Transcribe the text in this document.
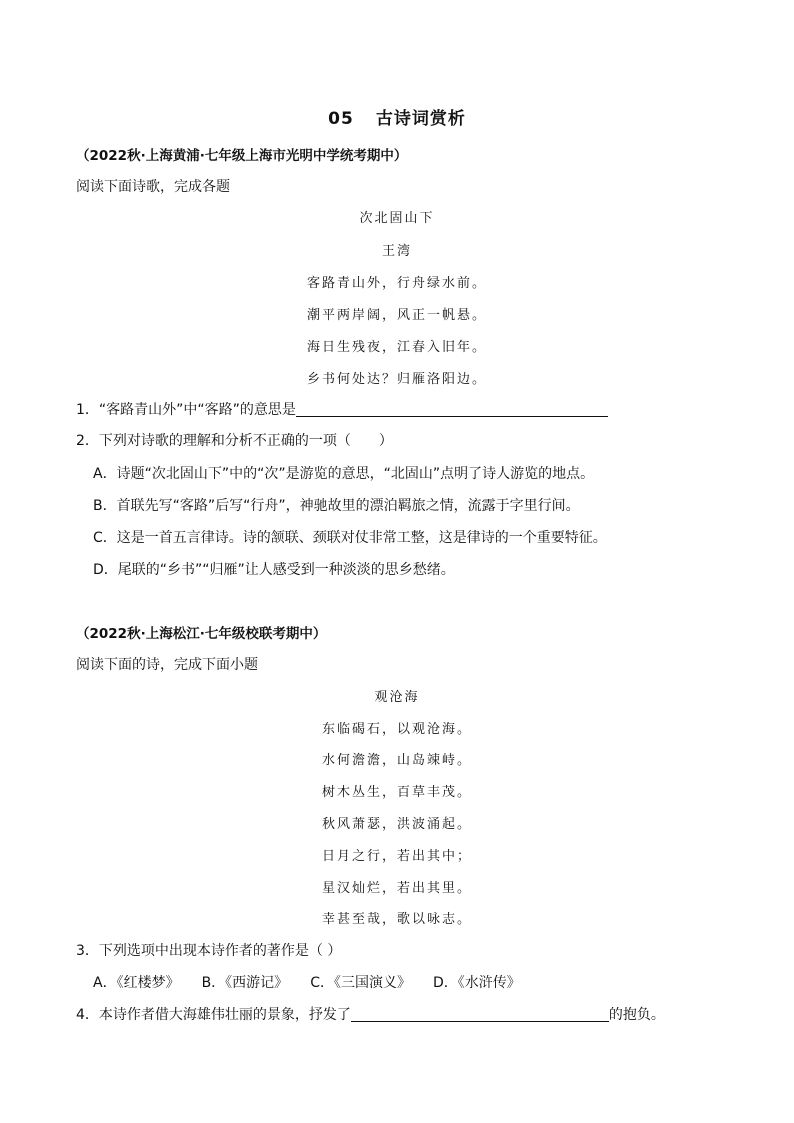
05 古诗词赏析
（2022秋·上海黄浦·七年级上海市光明中学统考期中）
阅读下面诗歌，完成各题
次北固山下
王湾
客路青山外，行舟绿水前。
潮平两岸阔，风正一帆悬。
海日生残夜，江春入旧年。
乡书何处达？归雁洛阳边。
1．“客路青山外”中“客路”的意思是
2．下列对诗歌的理解和分析不正确的一项（　　）
A．诗题“次北固山下”中的“次”是游览的意思，“北固山”点明了诗人游览的地点。
B．首联先写“客路”后写“行舟”，神驰故里的漂泊羁旅之情，流露于字里行间。
C．这是一首五言律诗。诗的颔联、颈联对仗非常工整，这是律诗的一个重要特征。
D．尾联的“乡书”“归雁”让人感受到一种淡淡的思乡愁绪。
（2022秋·上海松江·七年级校联考期中）
阅读下面的诗，完成下面小题
观沧海
东临碣石，以观沧海。
水何澹澹，山岛竦峙。
树木丛生，百草丰茂。
秋风萧瑟，洪波涌起。
日月之行，若出其中；
星汉灿烂，若出其里。
幸甚至哉，歌以咏志。
3．下列选项中出现本诗作者的著作是（ ）
A．《红楼梦》 B．《西游记》 C．《三国演义》 D．《水浒传》
4．本诗作者借大海雄伟壮丽的景象，抒发了	的抱负。
